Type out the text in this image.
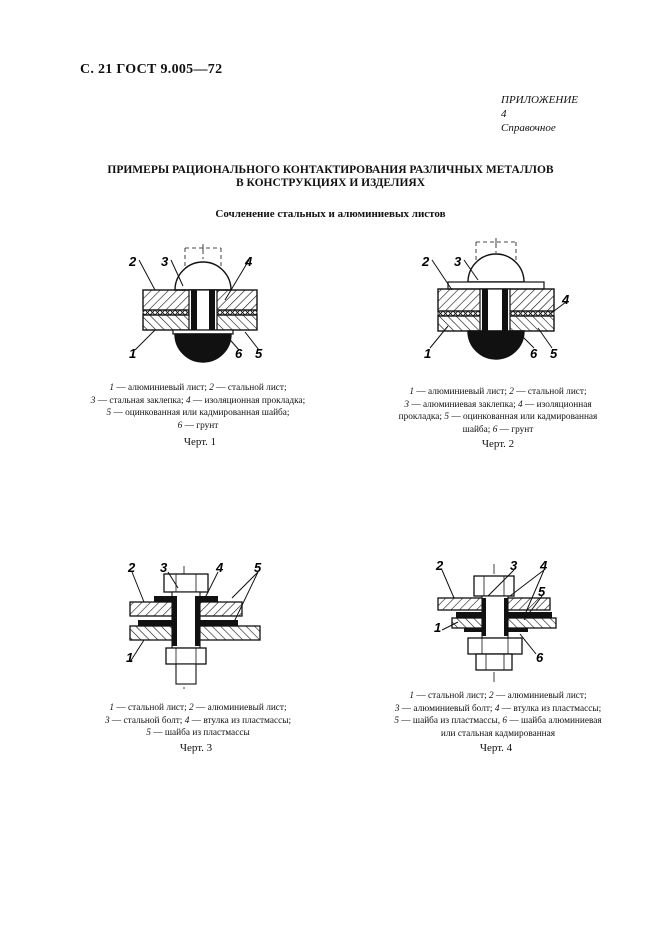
С. 21 ГОСТ 9.005—72
ПРИЛОЖЕНИЕ 4
Справочное
ПРИМЕРЫ РАЦИОНАЛЬНОГО КОНТАКТИРОВАНИЯ РАЗЛИЧНЫХ МЕТАЛЛОВ
В КОНСТРУКЦИЯХ И ИЗДЕЛИЯХ
Сочленение стальных и алюминиевых листов
2 3	4
1	6 5
1 — алюминиевый лист; 2 — стальной лист;
3 — стальная заклепка; 4 — изоляционная прокладка;
5 — оцинкованная или кадмированная шайба;
6 — грунт
Черт. 1
2 3
4
1	6 5
1 — алюминиевый лист; 2 — стальной лист;
3 — алюминиевая заклепка; 4 — изоляционная
прокладка; 5 — оцинкованная или кадмированная
шайба; 6 — грунт
Черт. 2
2 3	4 5
1
1 — стальной лист; 2 — алюминиевый лист;
3 — стальной болт; 4 — втулка из пластмассы;
5 — шайба из пластмассы
Черт. 3
2	3 4
5
1
6
1 — стальной лист; 2 — алюминиевый лист;
3 — алюминиевый болт; 4 — втулка из пластмассы;
5 — шайба из пластмассы, 6 — шайба алюминиевая
или стальная кадмированная
Черт. 4
